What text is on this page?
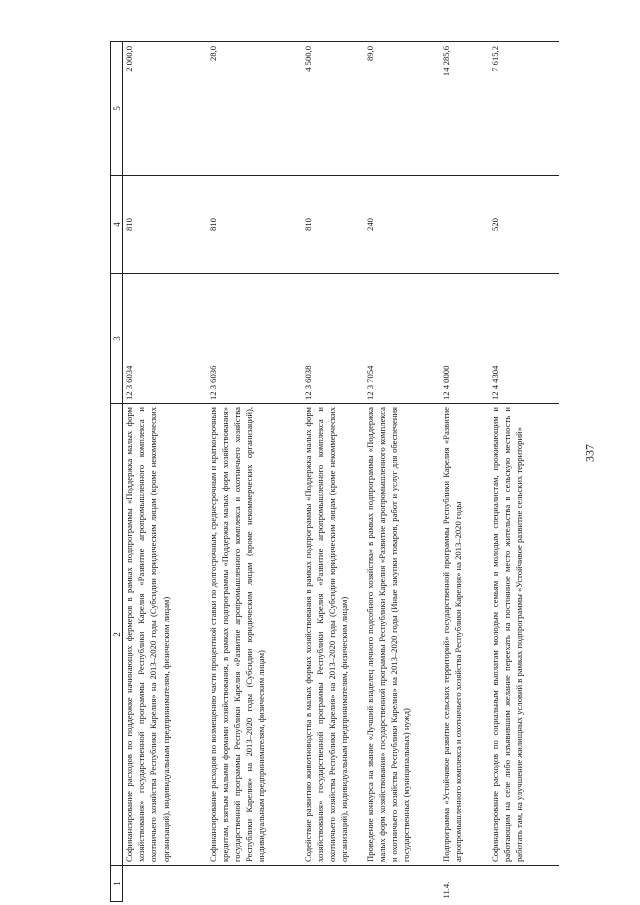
337
1	2	3	4	5
	Софинансирование расходов по поддержке начинающих фермеров в рамках подпрограммы «Поддержка малых форм хозяйствования» государственной программы Республики Карелия «Развитие агропромышленного комплекса и охотничьего хозяйства Республики Карелия» на 2013–2020 годы (Субсидии юридическим лицам (кроме некоммерческих организаций), индивидуальным предпринимателям, физическим лицам)	12 3 6034	810	2 000,0
	Софинансирование расходов по возмещению части процентной ставки по долгосрочным, среднесрочным и краткосрочным кредитам, взятым малыми формами хозяйствования, в рамках подпрограммы «Поддержка малых форм хозяйствования» государственной программы Республики Карелия «Развитие агропромышленного комплекса и охотничьего хозяйства Республики Карелия» на 2013–2020 годы (Субсидии юридическим лицам (кроме некоммерческих организаций), индивидуальным предпринимателям, физическим лицам)	12 3 6036	810	28,0
	Содействие развитию животноводства в малых формах хозяйствования в рамках подпрограммы «Поддержка малых форм хозяйствования» государственной программы Республики Карелия «Развитие агропромышленного комплекса и охотничьего хозяйства Республики Карелия» на 2013–2020 годы (Субсидии юридическим лицам (кроме некоммерческих организаций), индивидуальным предпринимателям, физическим лицам)	12 3 6038	810	4 500,0
	Проведение конкурса на звание «Лучший владелец личного подсобного хозяйства» в рамках подпрограммы «Поддержка малых форм хозяйствования» государственной программы Республики Карелия «Развитие агропромышленного комплекса и охотничьего хозяйства Республики Карелия» на 2013–2020 годы (Иные закупки товаров, работ и услуг для обеспечения государственных (муниципальных) нужд)	12 3 7054	240	89,0
11.4.	Подпрограмма «Устойчивое развитие сельских территорий» государственной программы Республики Карелия «Развитие агропромышленного комплекса и охотничьего хозяйства Республики Карелия» на 2013–2020 годы	12 4 0000		14 285,6
	Софинансирование расходов по социальным выплатам молодым семьям и молодым специалистам, проживающим и работающим на селе либо изъявившим желание переехать на постоянное место жительства в сельскую местность и работать там, на улучшение жилищных условий в рамках подпрограммы «Устойчивое развитие сельских территорий»	12 4 4304	520	7 615,2
